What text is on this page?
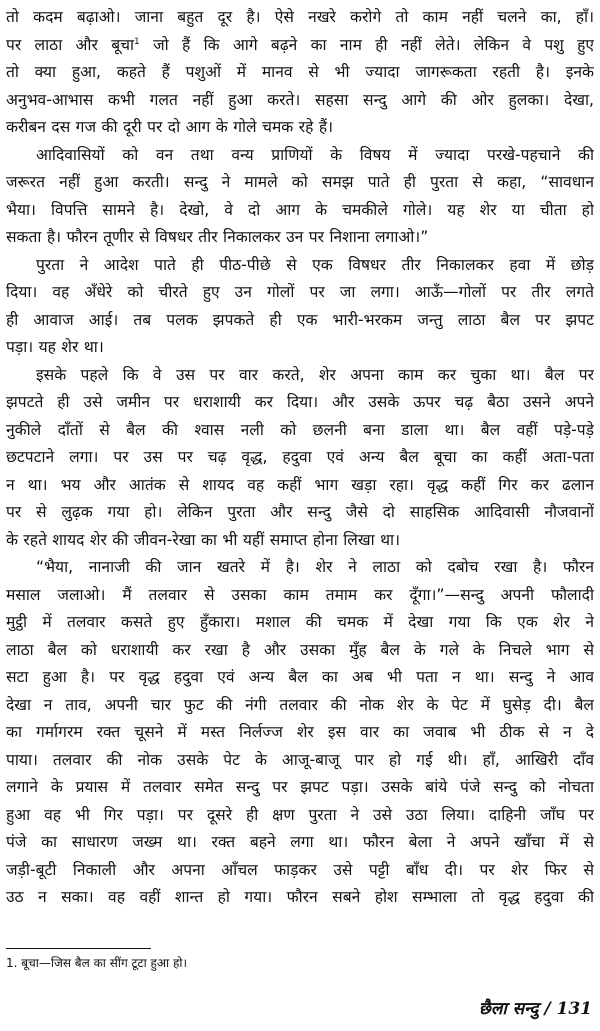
तो कदम बढ़ाओ। जाना बहुत दूर है। ऐसे नखरे करोगे तो काम नहीं चलने का, हाँ।
पर लाठा और बूचा$^1$ जो हैं कि आगे बढ़ने का नाम ही नहीं लेते। लेकिन वे पशु हुए
तो क्या हुआ, कहते हैं पशुओं में मानव से भी ज्यादा जागरूकता रहती है। इनके
अनुभव-आभास कभी गलत नहीं हुआ करते। सहसा सन्दु आगे की ओर हुलका। देखा,
करीबन दस गज की दूरी पर दो आग के गोले चमक रहे हैं।
आदिवासियों को वन तथा वन्य प्राणियों के विषय में ज्यादा परखे-पहचाने की
जरूरत नहीं हुआ करती। सन्दु ने मामले को समझ पाते ही पुरता से कहा, “सावधान
भैया। विपत्ति सामने है। देखो, वे दो आग के चमकीले गोले। यह शेर या चीता हो
सकता है। फौरन तूणीर से विषधर तीर निकालकर उन पर निशाना लगाओ।”
पुरता ने आदेश पाते ही पीठ-पीछे से एक विषधर तीर निकालकर हवा में छोड़
दिया। वह अँधेरे को चीरते हुए उन गोलों पर जा लगा। आऊँ—गोलों पर तीर लगते
ही आवाज आई। तब पलक झपकते ही एक भारी-भरकम जन्तु लाठा बैल पर झपट
पड़ा। यह शेर था।
इसके पहले कि वे उस पर वार करते, शेर अपना काम कर चुका था। बैल पर
झपटते ही उसे जमीन पर धराशायी कर दिया। और उसके ऊपर चढ़ बैठा उसने अपने
नुकीले दाँतों से बैल की श्वास नली को छलनी बना डाला था। बैल वहीं पड़े-पड़े
छटपटाने लगा। पर उस पर चढ़ वृद्ध, हदुवा एवं अन्य बैल बूचा का कहीं अता-पता
न था। भय और आतंक से शायद वह कहीं भाग खड़ा रहा। वृद्ध कहीं गिर कर ढलान
पर से लुढ़क गया हो। लेकिन पुरता और सन्दु जैसे दो साहसिक आदिवासी नौजवानों
के रहते शायद शेर की जीवन-रेखा का भी यहीं समाप्त होना लिखा था।
“भैया, नानाजी की जान खतरे में है। शेर ने लाठा को दबोच रखा है। फौरन
मसाल जलाओ। मैं तलवार से उसका काम तमाम कर दूँगा।”—सन्दु अपनी फौलादी
मुट्ठी में तलवार कसते हुए हुँकारा। मशाल की चमक में देखा गया कि एक शेर ने
लाठा बैल को धराशायी कर रखा है और उसका मुँह बैल के गले के निचले भाग से
सटा हुआ है। पर वृद्ध हदुवा एवं अन्य बैल का अब भी पता न था। सन्दु ने आव
देखा न ताव, अपनी चार फुट की नंगी तलवार की नोक शेर के पेट में घुसेड़ दी। बैल
का गर्मागरम रक्त चूसने में मस्त निर्लज्ज शेर इस वार का जवाब भी ठीक से न दे
पाया। तलवार की नोक उसके पेट के आजू-बाजू पार हो गई थी। हाँ, आखिरी दाँव
लगाने के प्रयास में तलवार समेत सन्दु पर झपट पड़ा। उसके बांये पंजे सन्दु को नोचता
हुआ वह भी गिर पड़ा। पर दूसरे ही क्षण पुरता ने उसे उठा लिया। दाहिनी जाँघ पर
पंजे का साधारण जख्म था। रक्त बहने लगा था। फौरन बेला ने अपने खाँचा में से
जड़ी-बूटी निकाली और अपना आँचल फाड़कर उसे पट्टी बाँध दी। पर शेर फिर से
उठ न सका। वह वहीं शान्त हो गया। फौरन सबने होश सम्भाला तो वृद्ध हदुवा की
1. बूचा—जिस बैल का सींग टूटा हुआ हो।
छैला सन्दु / 131
